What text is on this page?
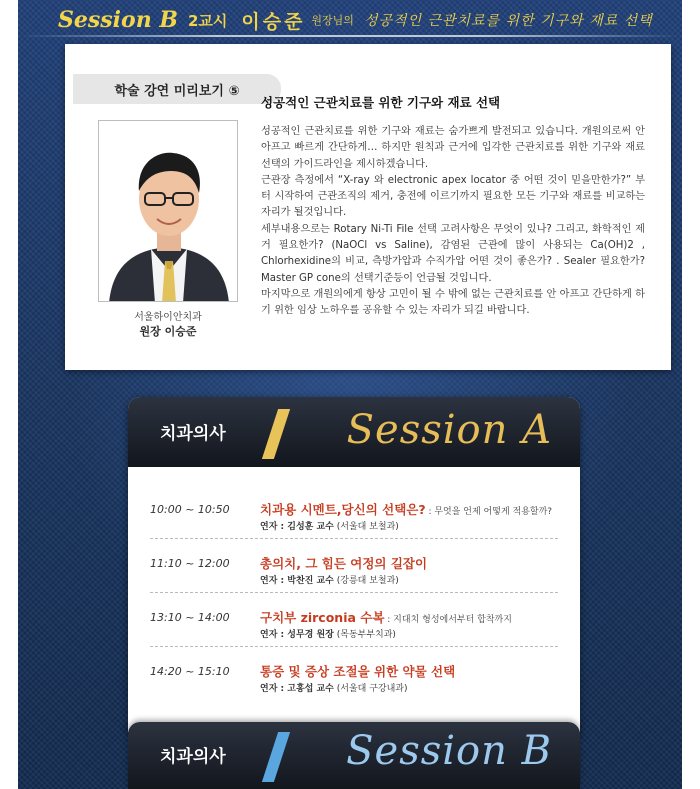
Session B 2교시 이승준 원장님의 성공적인 근관치료를 위한 기구와 재료 선택
학술 강연 미리보기 ⑤
서울하이안치과
원장 이승준
성공적인 근관치료를 위한 기구와 재료 선택

성공적인 근관치료를 위한 기구와 재료는 숨가쁘게 발전되고 있습니다. 개원의로써 안아프고 빠르게 간단하게… 하지만 원칙과 근거에 입각한 근관치료를 위한 기구와 재료선택의 가이드라인을 제시하겠습니다.

근관장 측정에서 “X-ray 와 electronic apex locator 중 어떤 것이 믿을만한가?” 부터 시작하여 근관조직의 제거, 충전에 이르기까지 필요한 모든 기구와 재료를 비교하는 자리가 될것입니다.

세부내용으로는 Rotary Ni-Ti File 선택 고려사항은 무엇이 있나? 그리고, 화학적인 제거 필요한가? (NaOCl vs Saline), 감염된 근관에 많이 사용되는 Ca(OH)2 , Chlorhexidine의 비교, 측방가압과 수직가압 어떤 것이 좋은가? . Sealer 필요한가? Master GP cone의 선택기준등이 언급될 것입니다.

마지막으로 개원의에게 항상 고민이 될 수 밖에 없는 근관치료를 안 아프고 간단하게 하기 위한 임상 노하우를 공유할 수 있는 자리가 되길 바랍니다.

치과의사	Session A
10:00 ~ 10:50 치과용 시멘트,당신의 선택은? : 무엇을 언제 어떻게 적용할까?
연자 : 김성훈 교수 (서울대 보철과)
11:10 ~ 12:00 총의치, 그 힘든 여정의 길잡이
연자 : 박찬진 교수 (강릉대 보철과)
13:10 ~ 14:00 구치부 zirconia 수복 : 지대치 형성에서부터 합착까지
연자 : 성무경 원장 (목동부부치과)
14:20 ~ 15:10 통증 및 증상 조절을 위한 약물 선택
연자 : 고홍섭 교수 (서울대 구강내과)
치과의사	Session B
